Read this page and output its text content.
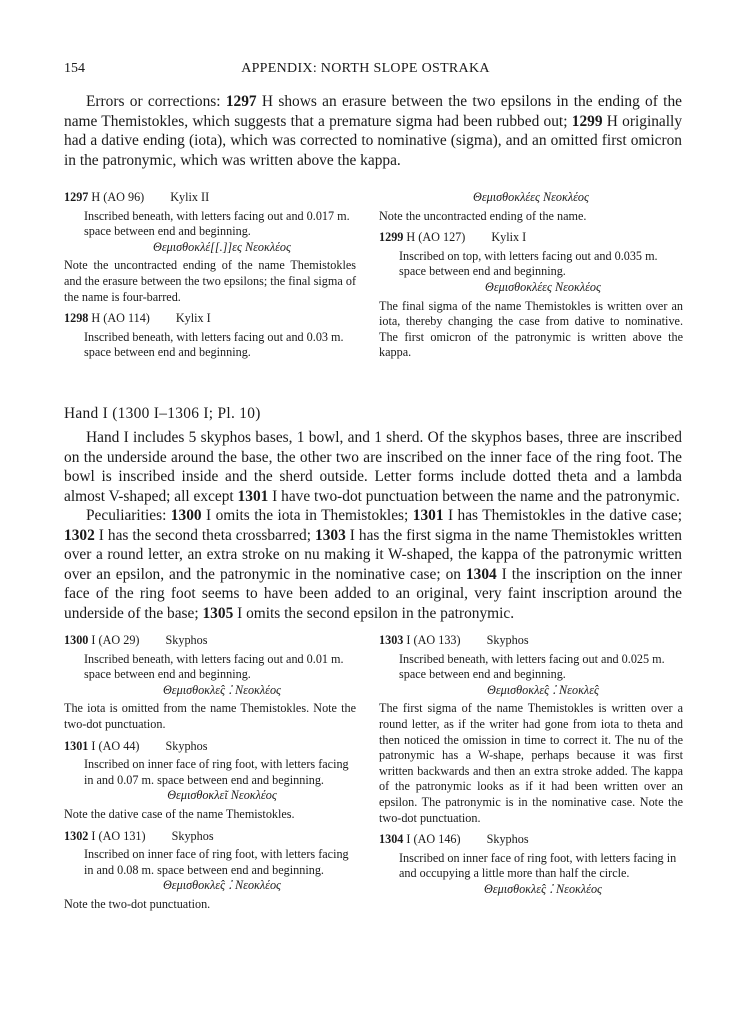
154	APPENDIX: NORTH SLOPE OSTRAKA

Errors or corrections: 1297 H shows an erasure between the two epsilons in the ending of the name Themistokles, which suggests that a premature sigma had been rubbed out; 1299 H originally had a dative ending (iota), which was corrected to nominative (sigma), and an omitted first omicron in the patronymic, which was written above the kappa.

1297 H (AO 96) Kylix II

Inscribed beneath, with letters facing out and 0.017 m. space between end and beginning.

Θεμισθοκλέ[[.]]ες Νεοκλέος

Note the uncontracted ending of the name Themistokles and the erasure between the two epsilons; the final sigma of the name is four-barred.

1298 H (AO 114) Kylix I

Inscribed beneath, with letters facing out and 0.03 m. space between end and beginning.

Θεμισθοκλέες Νεοκλέος

Note the uncontracted ending of the name.

1299 H (AO 127) Kylix I

Inscribed on top, with letters facing out and 0.035 m. space between end and beginning.

Θεμισθοκλέες Νεοκλέος

The final sigma of the name Themistokles is written over an iota, thereby changing the case from dative to nominative. The first omicron of the patronymic is written above the kappa.

Hand I (1300 I–1306 I; Pl. 10)

Hand I includes 5 skyphos bases, 1 bowl, and 1 sherd. Of the skyphos bases, three are inscribed on the underside around the base, the other two are inscribed on the inner face of the ring foot. The bowl is inscribed inside and the sherd outside. Letter forms include dotted theta and a lambda almost V-shaped; all except 1301 I have two-dot punctuation between the name and the patronymic.

Peculiarities: 1300 I omits the iota in Themistokles; 1301 I has Themistokles in the dative case; 1302 I has the second theta crossbarred; 1303 I has the first sigma in the name Themistokles written over a round letter, an extra stroke on nu making it W-shaped, the kappa of the patronymic written over an epsilon, and the patronymic in the nominative case; on 1304 I the inscription on the inner face of the ring foot seems to have been added to an original, very faint inscription around the underside of the base; 1305 I omits the second epsilon in the patronymic.

1300 I (AO 29) Skyphos

Inscribed beneath, with letters facing out and 0.01 m. space between end and beginning.

Θεμισθοκλε̂ς ⁚ Νεοκλέος

The iota is omitted from the name Themistokles. Note the two-dot punctuation.

1301 I (AO 44) Skyphos

Inscribed on inner face of ring foot, with letters facing in and 0.07 m. space between end and beginning.

Θεμισθοκλεῖ Νεοκλέος

Note the dative case of the name Themistokles.

1302 I (AO 131) Skyphos

Inscribed on inner face of ring foot, with letters facing in and 0.08 m. space between end and beginning.

Θεμισθοκλε̂ς ⁚ Νεοκλέος

Note the two-dot punctuation.

1303 I (AO 133) Skyphos

Inscribed beneath, with letters facing out and 0.025 m. space between end and beginning.

Θεμισθοκλε̂ς ⁚ Νεοκλε̂ς

The first sigma of the name Themistokles is written over a round letter, as if the writer had gone from iota to theta and then noticed the omission in time to correct it. The nu of the patronymic has a W-shape, perhaps because it was first written backwards and then an extra stroke added. The kappa of the patronymic looks as if it had been written over an epsilon. The patronymic is in the nominative case. Note the two-dot punctuation.

1304 I (AO 146) Skyphos

Inscribed on inner face of ring foot, with letters facing in and occupying a little more than half the circle.

Θεμισθοκλε̂ς ⁚ Νεοκλέος
